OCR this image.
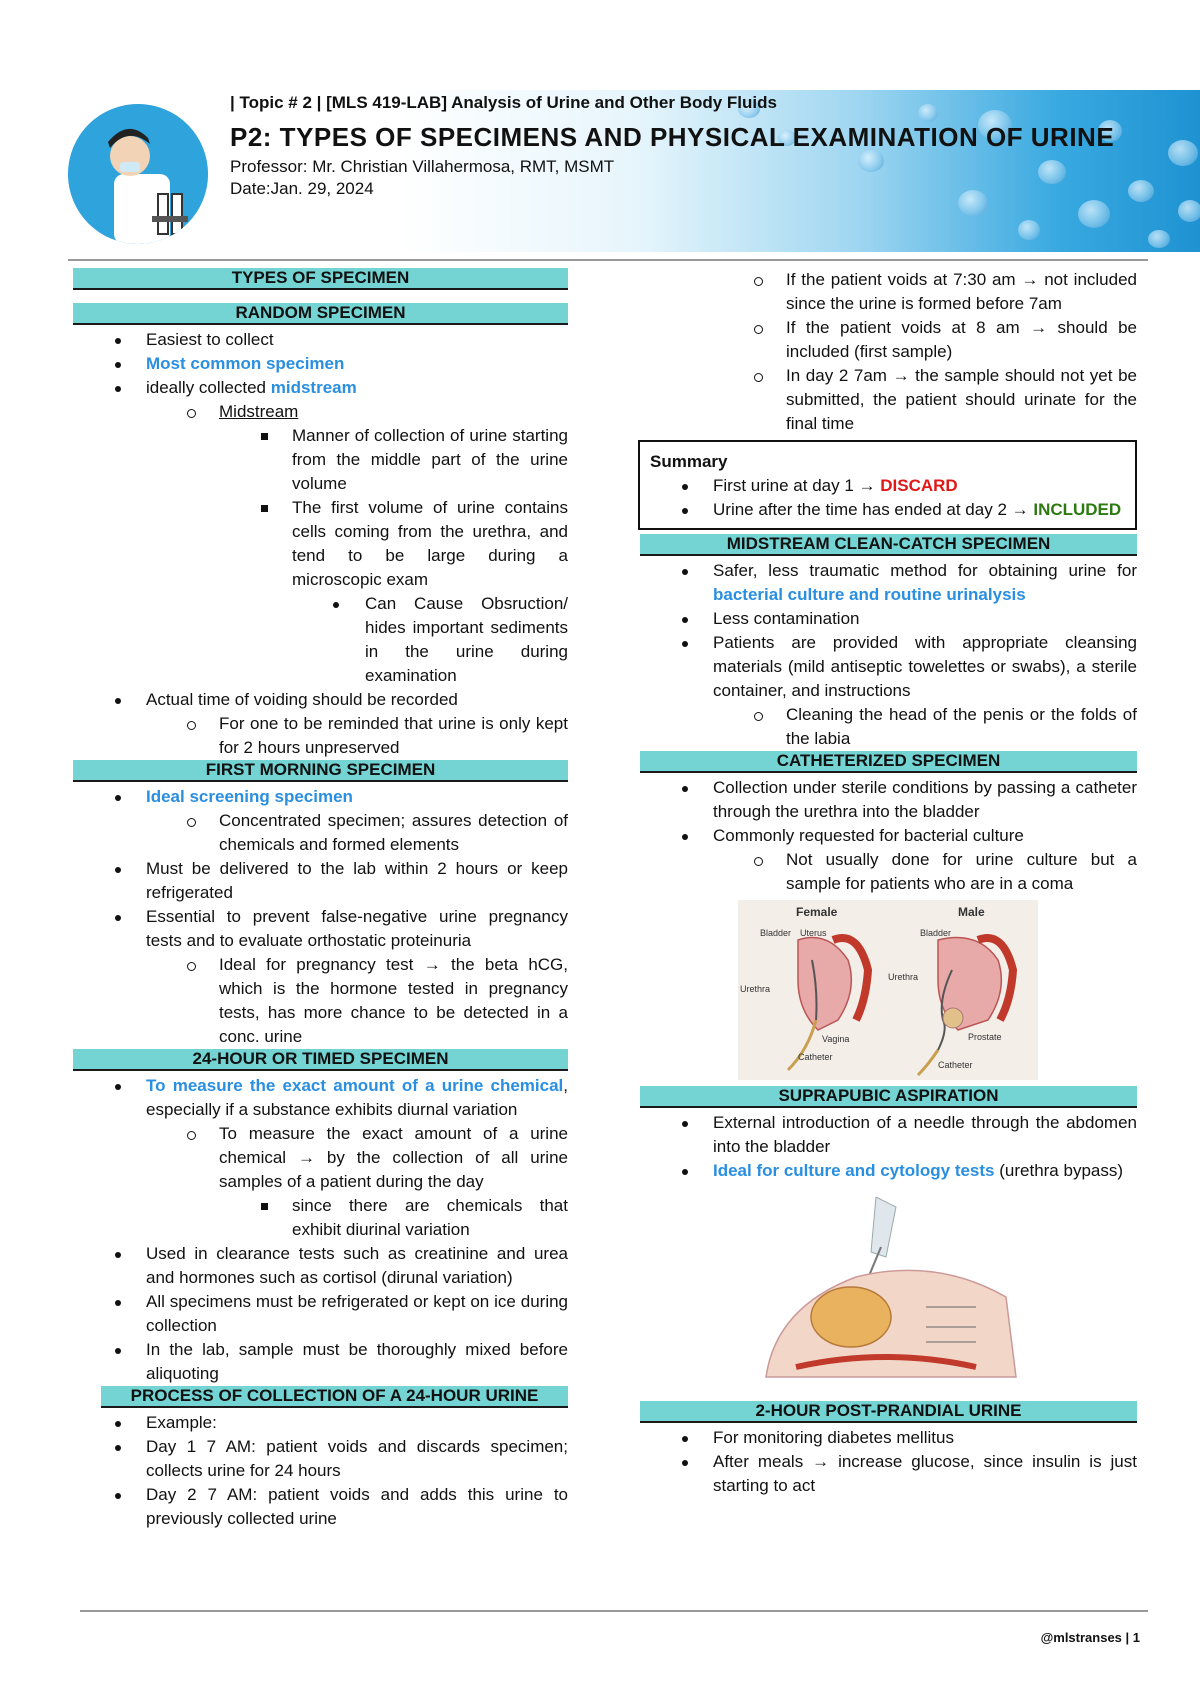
| Topic # 2 | [MLS 419-LAB] Analysis of Urine and Other Body Fluids
P2: TYPES OF SPECIMENS AND PHYSICAL EXAMINATION OF URINE
Professor: Mr. Christian Villahermosa, RMT, MSMT
Date:Jan. 29, 2024
TYPES OF SPECIMEN
RANDOM SPECIMEN
Easiest to collect
Most common specimen
ideally collected midstream
Midstream
Manner of collection of urine starting from the middle part of the urine volume
The first volume of urine contains cells coming from the urethra, and tend to be large during a microscopic exam
Can Cause Obsruction/ hides important sediments in the urine during examination
Actual time of voiding should be recorded
For one to be reminded that urine is only kept for 2 hours unpreserved
FIRST MORNING SPECIMEN
Ideal screening specimen
Concentrated specimen; assures detection of chemicals and formed elements
Must be delivered to the lab within 2 hours or keep refrigerated
Essential to prevent false-negative urine pregnancy tests and to evaluate orthostatic proteinuria
Ideal for pregnancy test → the beta hCG, which is the hormone tested in pregnancy tests, has more chance to be detected in a conc. urine
24-HOUR OR TIMED SPECIMEN
To measure the exact amount of a urine chemical, especially if a substance exhibits diurnal variation
To measure the exact amount of a urine chemical → by the collection of all urine samples of a patient during the day
since there are chemicals that exhibit diurinal variation
Used in clearance tests such as creatinine and urea and hormones such as cortisol (dirunal variation)
All specimens must be refrigerated or kept on ice during collection
In the lab, sample must be thoroughly mixed before aliquoting
PROCESS OF COLLECTION OF A 24-HOUR URINE
Example:
Day 1 7 AM: patient voids and discards specimen; collects urine for 24 hours
Day 2 7 AM: patient voids and adds this urine to previously collected urine
If the patient voids at 7:30 am → not included since the urine is formed before 7am
If the patient voids at 8 am → should be included (first sample)
In day 2 7am → the sample should not yet be submitted, the patient should urinate for the final time
Summary
First urine at day 1 → DISCARD
Urine after the time has ended at day 2 → INCLUDED
MIDSTREAM CLEAN-CATCH SPECIMEN
Safer, less traumatic method for obtaining urine for bacterial culture and routine urinalysis
Less contamination
Patients are provided with appropriate cleansing materials (mild antiseptic towelettes or swabs), a sterile container, and instructions
Cleaning the head of the penis or the folds of the labia
CATHETERIZED SPECIMEN
Collection under sterile conditions by passing a catheter through the urethra into the bladder
Commonly requested for bacterial culture
Not usually done for urine culture but a sample for patients who are in a coma
Female	Male
Bladder Uterus
Urethra
Vagina
Catheter
Bladder
Urethra
Prostate
Catheter
SUPRAPUBIC ASPIRATION
External introduction of a needle through the abdomen into the bladder
Ideal for culture and cytology tests (urethra bypass)
2-HOUR POST-PRANDIAL URINE
For monitoring diabetes mellitus
After meals → increase glucose, since insulin is just starting to act
@mlstranses | 1
